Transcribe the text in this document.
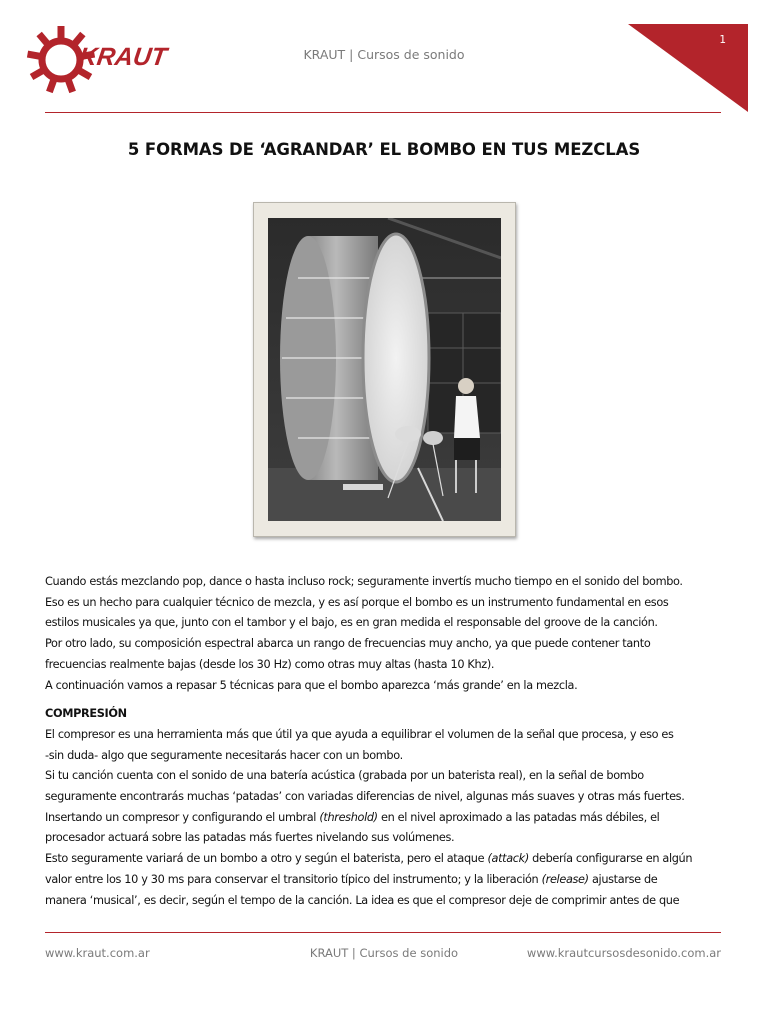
KRAUT	KRAUT | Cursos de sonido
1
5 FORMAS DE ‘AGRANDAR’ EL BOMBO EN TUS MEZCLAS

Cuando estás mezclando pop, dance o hasta incluso rock; seguramente invertís mucho tiempo en el sonido del bombo.

Eso es un hecho para cualquier técnico de mezcla, y es así porque el bombo es un instrumento fundamental en esos

estilos musicales ya que, junto con el tambor y el bajo, es en gran medida el responsable del groove de la canción.

Por otro lado, su composición espectral abarca un rango de frecuencias muy ancho, ya que puede contener tanto

frecuencias realmente bajas (desde los 30 Hz) como otras muy altas (hasta 10 Khz).

A continuación vamos a repasar 5 técnicas para que el bombo aparezca ‘más grande’ en la mezcla.

COMPRESIÓN

El compresor es una herramienta más que útil ya que ayuda a equilibrar el volumen de la señal que procesa, y eso es

-sin duda- algo que seguramente necesitarás hacer con un bombo.

Si tu canción cuenta con el sonido de una batería acústica (grabada por un baterista real), en la señal de bombo

seguramente encontrarás muchas ‘patadas’ con variadas diferencias de nivel, algunas más suaves y otras más fuertes.

Insertando un compresor y configurando el umbral (threshold) en el nivel aproximado a las patadas más débiles, el

procesador actuará sobre las patadas más fuertes nivelando sus volúmenes.

Esto seguramente variará de un bombo a otro y según el baterista, pero el ataque (attack) debería configurarse en algún

valor entre los 10 y 30 ms para conservar el transitorio típico del instrumento; y la liberación (release) ajustarse de

manera ‘musical’, es decir, según el tempo de la canción. La idea es que el compresor deje de comprimir antes de que

www.kraut.com.ar	KRAUT | Cursos de sonido	www.krautcursosdesonido.com.ar
